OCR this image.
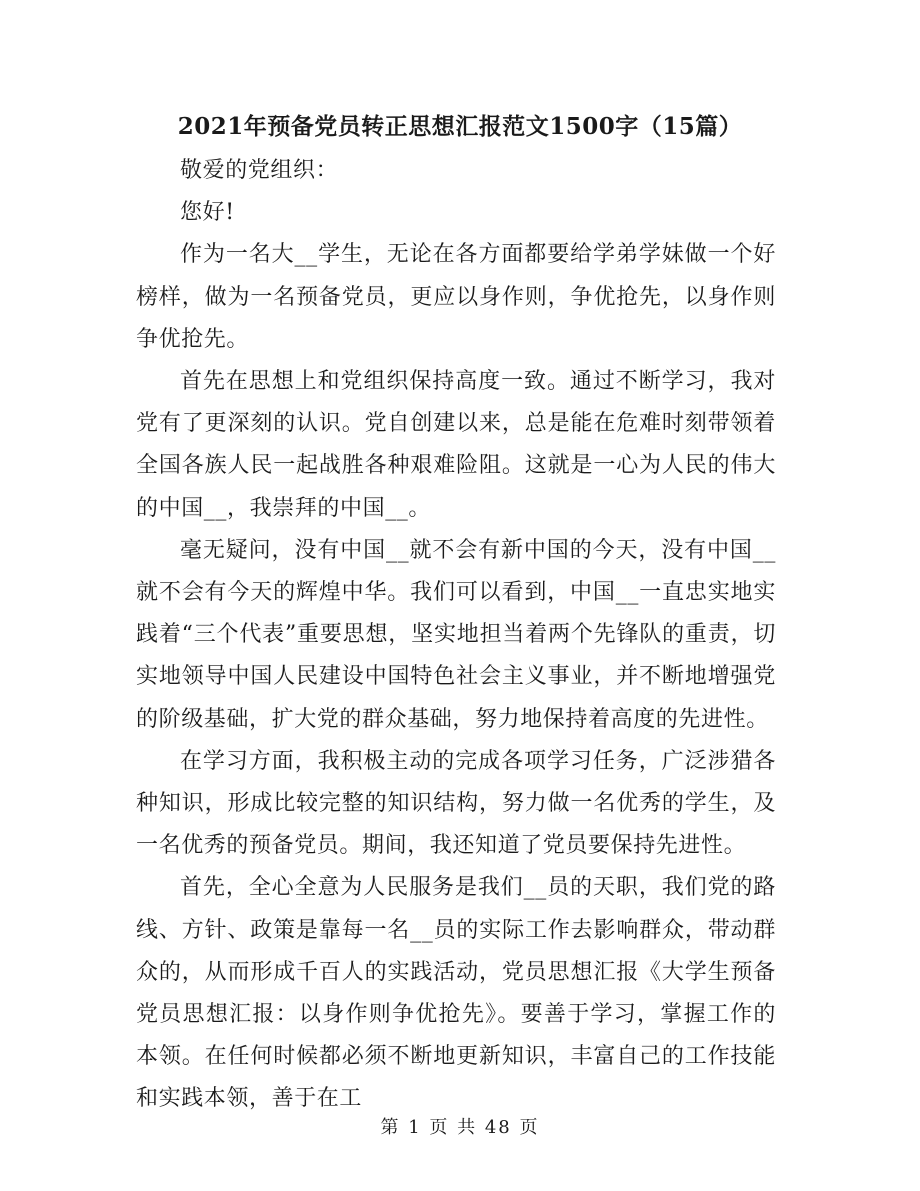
2021年预备党员转正思想汇报范文1500字（15篇）

敬爱的党组织：

您好!

作为一名大__学生，无论在各方面都要给学弟学妹做一个好榜样，做为一名预备党员，更应以身作则，争优抢先，以身作则争优抢先。

首先在思想上和党组织保持高度一致。通过不断学习，我对党有了更深刻的认识。党自创建以来，总是能在危难时刻带领着全国各族人民一起战胜各种艰难险阻。这就是一心为人民的伟大的中国__，我崇拜的中国__。

毫无疑问，没有中国__就不会有新中国的今天，没有中国__就不会有今天的辉煌中华。我们可以看到，中国__一直忠实地实践着“三个代表”重要思想，坚实地担当着两个先锋队的重责，切实地领导中国人民建设中国特色社会主义事业，并不断地增强党的阶级基础，扩大党的群众基础，努力地保持着高度的先进性。

在学习方面，我积极主动的完成各项学习任务，广泛涉猎各种知识，形成比较完整的知识结构，努力做一名优秀的学生，及一名优秀的预备党员。期间，我还知道了党员要保持先进性。

首先，全心全意为人民服务是我们__员的天职，我们党的路线、方针、政策是靠每一名__员的实际工作去影响群众，带动群众的，从而形成千百人的实践活动，党员思想汇报《大学生预备党员思想汇报：以身作则争优抢先》。要善于学习，掌握工作的本领。在任何时候都必须不断地更新知识，丰富自己的工作技能和实践本领，善于在工

第 1 页 共 48 页
